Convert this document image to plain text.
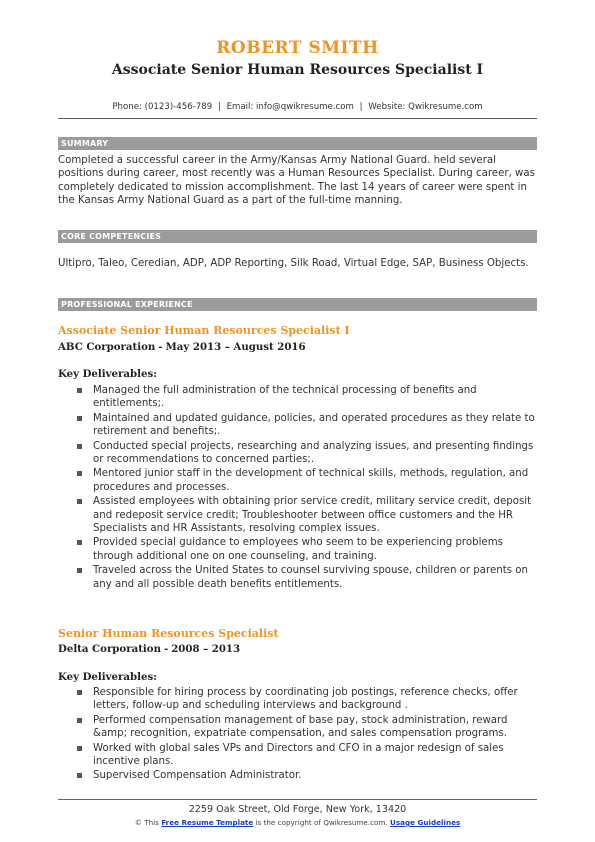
ROBERT SMITH
Associate Senior Human Resources Specialist I
Phone: (0123)-456-789 | Email: info@qwikresume.com | Website: Qwikresume.com
SUMMARY

Completed a successful career in the Army/Kansas Army National Guard. held several positions during career, most recently was a Human Resources Specialist. During career, was completely dedicated to mission accomplishment. The last 14 years of career were spent in the Kansas Army National Guard as a part of the full-time manning.

CORE COMPETENCIES

Ultipro, Taleo, Ceredian, ADP, ADP Reporting, Silk Road, Virtual Edge, SAP, Business Objects.

PROFESSIONAL EXPERIENCE
Associate Senior Human Resources Specialist I
ABC Corporation - May 2013 – August 2016
Key Deliverables:
Managed the full administration of the technical processing of benefits and entitlements;.
Maintained and updated guidance, policies, and operated procedures as they relate to retirement and benefits;.
Conducted special projects, researching and analyzing issues, and presenting findings or recommendations to concerned parties;.
Mentored junior staff in the development of technical skills, methods, regulation, and procedures and processes.
Assisted employees with obtaining prior service credit, military service credit, deposit and redeposit service credit; Troubleshooter between office customers and the HR Specialists and HR Assistants, resolving complex issues.
Provided special guidance to employees who seem to be experiencing problems through additional one on one counseling, and training.
Traveled across the United States to counsel surviving spouse, children or parents on any and all possible death benefits entitlements.
Senior Human Resources Specialist
Delta Corporation - 2008 – 2013
Key Deliverables:
Responsible for hiring process by coordinating job postings, reference checks, offer letters, follow-up and scheduling interviews and background .
Performed compensation management of base pay, stock administration, reward &amp; recognition, expatriate compensation, and sales compensation programs.
Worked with global sales VPs and Directors and CFO in a major redesign of sales incentive plans.
Supervised Compensation Administrator.
2259 Oak Street, Old Forge, New York, 13420
© This Free Resume Template is the copyright of Qwikresume.com. Usage Guidelines
